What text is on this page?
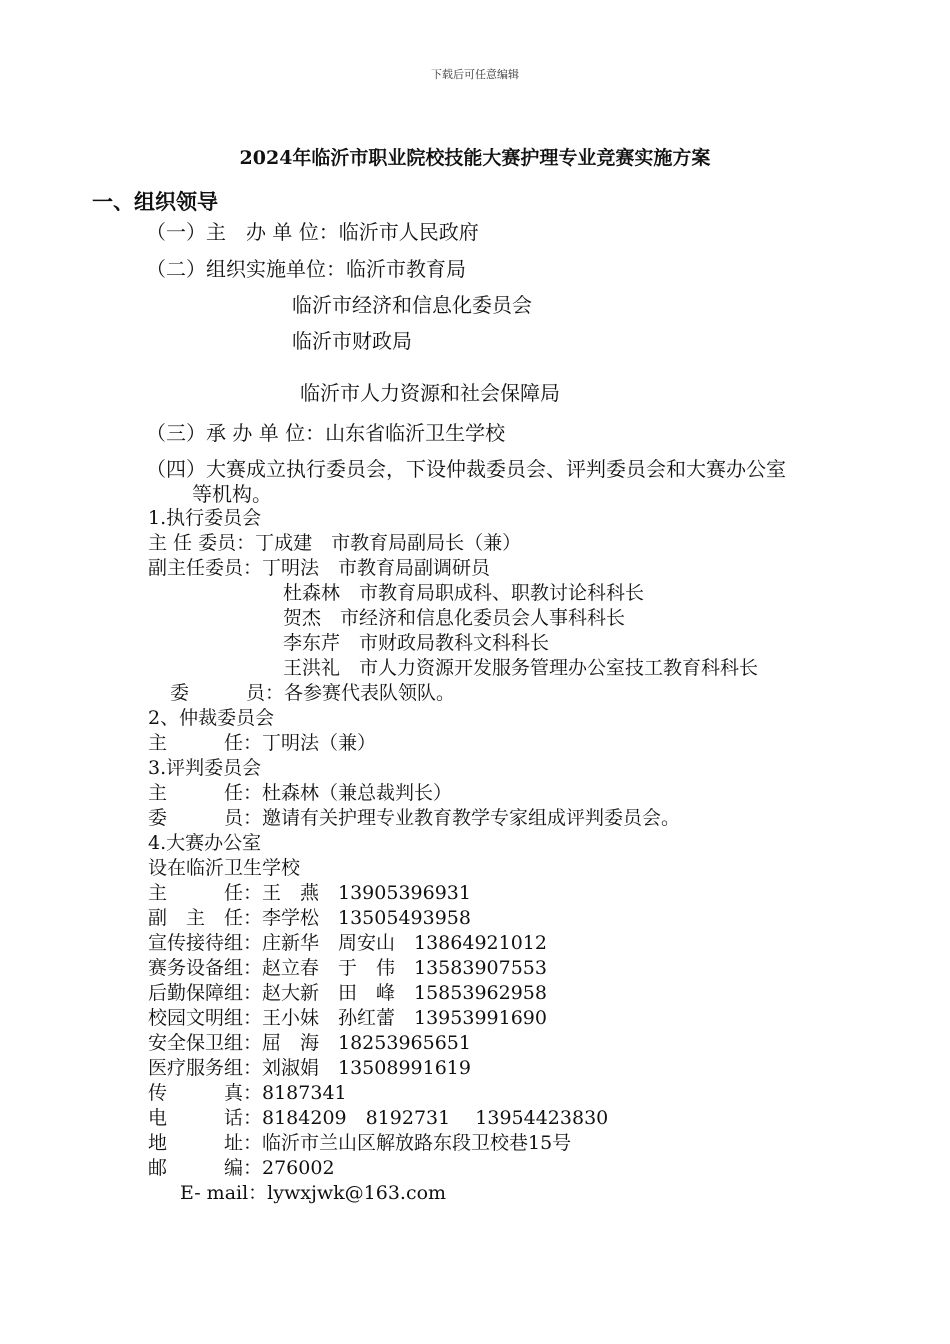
下载后可任意编辑
2024年临沂市职业院校技能大赛护理专业竞赛实施方案
一、组织领导
（一）主　办 单 位：临沂市人民政府
（二）组织实施单位：临沂市教育局
临沂市经济和信息化委员会
临沂市财政局
临沂市人力资源和社会保障局
（三）承 办 单 位：山东省临沂卫生学校
（四）大赛成立执行委员会，下设仲裁委员会、评判委员会和大赛办公室
等机构。
1.执行委员会
主 任 委员：丁成建　市教育局副局长（兼）
副主任委员：丁明法　市教育局副调研员
杜森林　市教育局职成科、职教讨论科科长
贺杰　市经济和信息化委员会人事科科长
李东芹　市财政局教科文科科长
王洪礼　市人力资源开发服务管理办公室技工教育科科长
委　　　员：各参赛代表队领队。
2、仲裁委员会
主　　　任：丁明法（兼）
3.评判委员会
主　　　任：杜森林（兼总裁判长）
委　　　员：邀请有关护理专业教育教学专家组成评判委员会。
4.大赛办公室
设在临沂卫生学校
主　　　任：王　燕　13905396931
副　主　任：李学松　13505493958
宣传接待组：庄新华　周安山　13864921012
赛务设备组：赵立春　于　伟　13583907553
后勤保障组：赵大新　田　峰　15853962958
校园文明组：王小妹　孙红蕾　13953991690
安全保卫组：屈　海　18253965651
医疗服务组：刘淑娟　13508991619
传　　　真：8187341
电　　　话：8184209　8192731　 13954423830
地　　　址：临沂市兰山区解放路东段卫校巷15号
邮　　　编：276002
E- mail：lywxjwk@163.com
